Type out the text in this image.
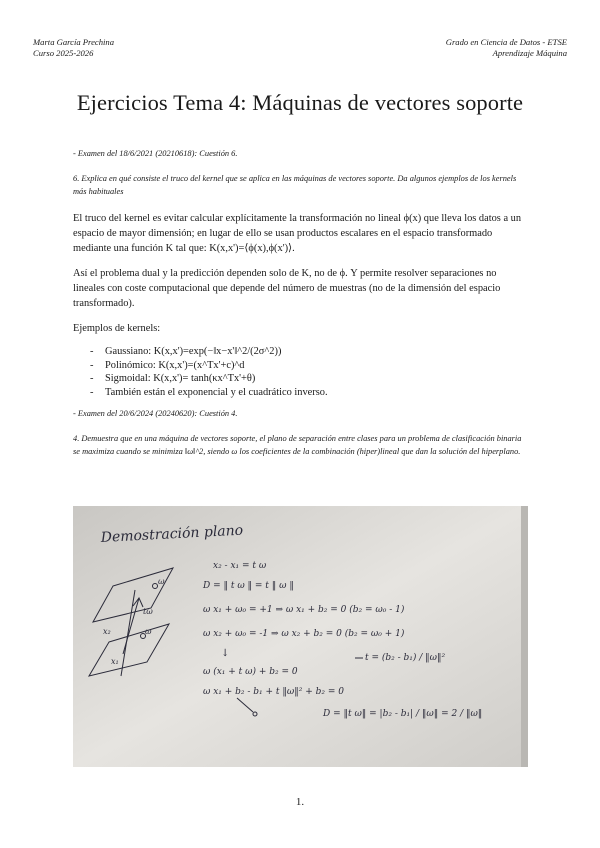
Marta García Prechina
Curso 2025-2026
Grado en Ciencia de Datos - ETSE
Aprendizaje Máquina
Ejercicios Tema 4: Máquinas de vectores soporte

- Examen del 18/6/2021 (20210618): Cuestión 6.

6. Explica en qué consiste el truco del kernel que se aplica en las máquinas de vectores soporte. Da algunos ejemplos de los kernels más habituales

El truco del kernel es evitar calcular explícitamente la transformación no lineal ϕ(x) que lleva los datos a un espacio de mayor dimensión; en lugar de ello se usan productos escalares en el espacio transformado mediante una función K tal que: K(x,x')=⟨ϕ(x),ϕ(x')⟩.

Así el problema dual y la predicción dependen solo de K, no de ϕ. Y permite resolver separaciones no lineales con coste computacional que depende del número de muestras (no de la dimensión del espacio transformado).

Ejemplos de kernels:

- Gaussiano: K(x,x')=exp(−‖x−x'‖^2/(2σ^2))
- Polinómico: K(x,x')=(x^Tx'+c)^d
- Sigmoidal: K(x,x')= tanh(κx^Tx'+θ)
- También están el exponencial y el cuadrático inverso.

- Examen del 20/6/2024 (20240620): Cuestión 4.

4. Demuestra que en una máquina de vectores soporte, el plano de separación entre clases para un problema de clasificación binaria se maximiza cuando se minimiza ‖ω‖^2, siendo ω los coeficientes de la combinación (hiper)lineal que dan la solución del hiperplano.

Demostración plano
ω
ω
tω
x₂
x₁
x₂ - x₁ = t ω
D = ‖ t ω ‖ = t ‖ ω ‖
ω x₁ + ω₀ = +1 ⇒ ω x₁ + b₂ = 0 (b₂ = ω₀ - 1)
ω x₂ + ω₀ = -1 ⇒ ω x₂ + b₂ = 0 (b₂ = ω₀ + 1)
↓
ω (x₁ + t ω) + b₂ = 0
ω x₁ + b₂ - b₁ + t ‖ω‖² + b₂ = 0
t = (b₂ - b₁) / ‖ω‖²
D = ‖t ω‖ = |b₂ - b₁| / ‖ω‖ = 2 / ‖ω‖
1.
